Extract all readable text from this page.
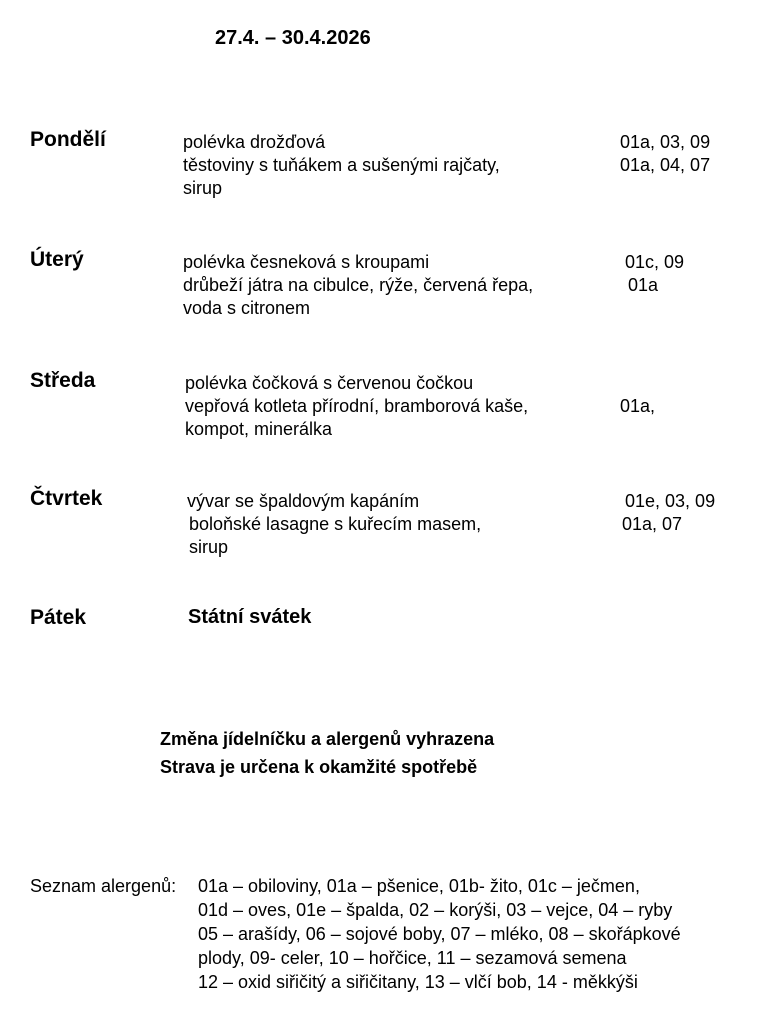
27.4. – 30.4.2026
Pondělí	polévka drožďová	01a, 03, 09
těstoviny s tuňákem a sušenými rajčaty,	01a, 04, 07
sirup
Úterý	polévka česneková s kroupami	01c, 09
drůbeží játra na cibulce, rýže, červená řepa,	01a
voda s citronem
Středa	polévka čočková s červenou čočkou
vepřová kotleta přírodní, bramborová kaše,	01a,
kompot, minerálka
Čtvrtek	vývar se špaldovým kapáním	01e, 03, 09
boloňské lasagne s kuřecím masem,	01a, 07
sirup
Pátek	Státní svátek
Změna jídelníčku a alergenů vyhrazena
Strava je určena k okamžité spotřebě
Seznam alergenů: 01a – obiloviny, 01a – pšenice, 01b- žito, 01c – ječmen,
01d – oves, 01e – špalda, 02 – korýši, 03 – vejce, 04 – ryby
05 – arašídy, 06 – sojové boby, 07 – mléko, 08 – skořápkové
plody, 09- celer, 10 – hořčice, 11 – sezamová semena
12 – oxid siřičitý a siřičitany, 13 – vlčí bob, 14 - měkkýši
